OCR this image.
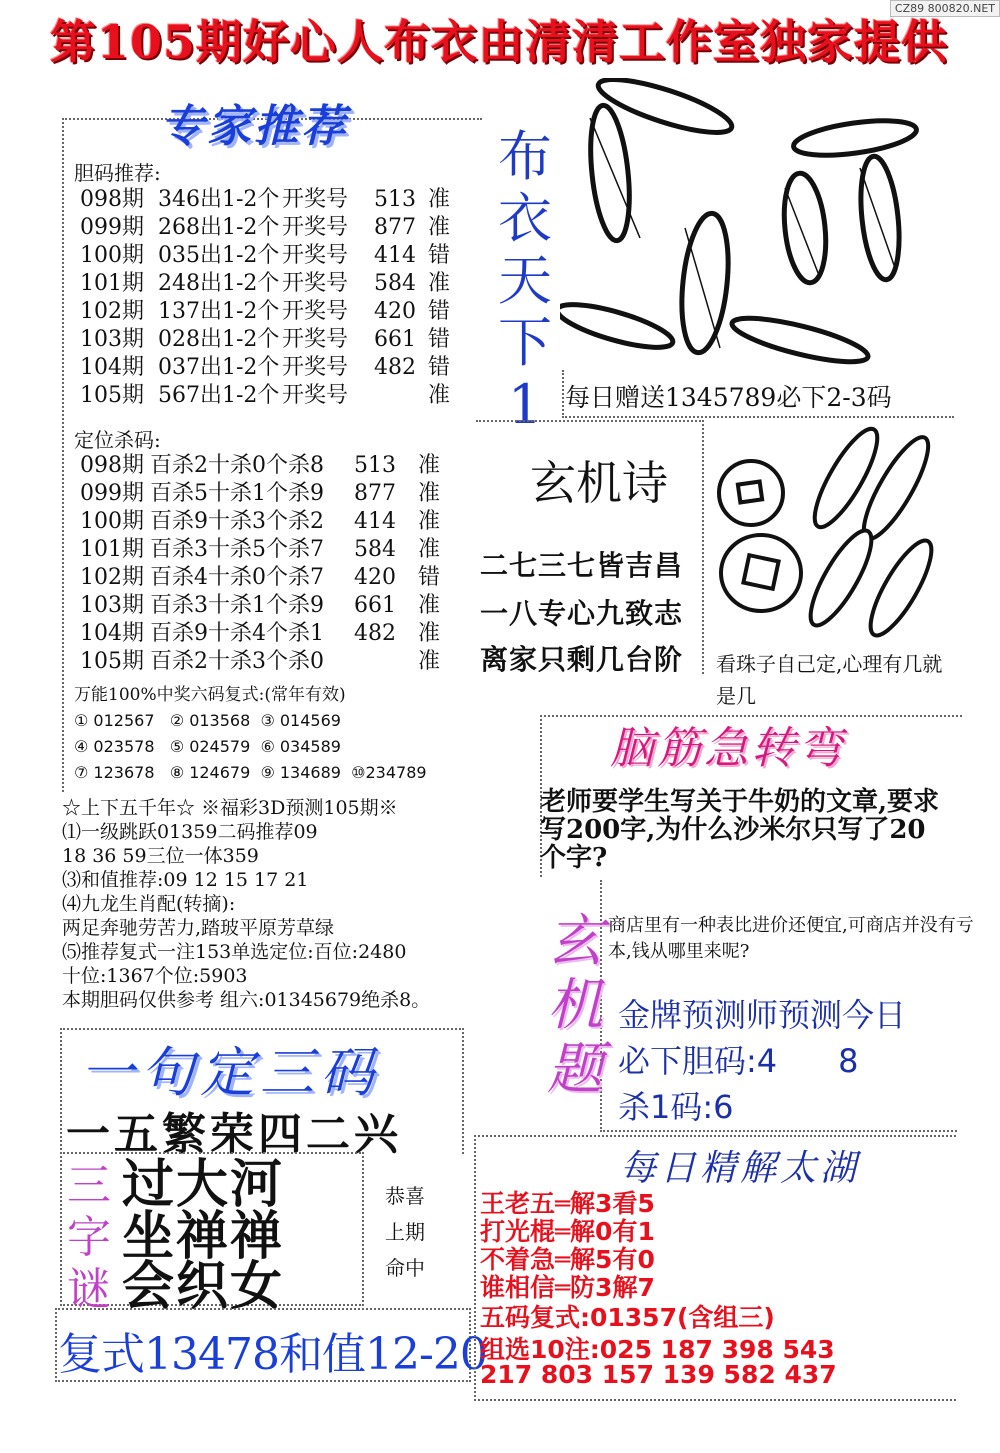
CZ89 800820.NET
第105期好心人布衣由清清工作室独家提供
专家推荐
胆码推荐:
098期 346出1-2个 开奖号 513 准
099期 268出1-2个 开奖号 877 准
100期 035出1-2个 开奖号 414 错
101期 248出1-2个 开奖号 584 准
102期 137出1-2个 开奖号 420 错
103期 028出1-2个 开奖号 661 错
104期 037出1-2个 开奖号 482 错
105期 567出1-2个 开奖号	准
定位杀码:
098期 百杀2十杀0个杀8 513 准
099期 百杀5十杀1个杀9 877 准
100期 百杀9十杀3个杀2 414 准
101期 百杀3十杀5个杀7 584 准
102期 百杀4十杀0个杀7 420 错
103期 百杀3十杀1个杀9 661 准
104期 百杀9十杀4个杀1 482 准
105期 百杀2十杀3个杀0	准
万能100%中奖六码复式:(常年有效)
① 012567   ② 013568  ③ 014569
④ 023578   ⑤ 024579  ⑥ 034589
⑦ 123678   ⑧ 124679  ⑨ 134689  ⑩234789
☆上下五千年☆ ※福彩3D预测105期※
⑴一级跳跃01359二码推荐09
18 36 59三位一体359
⑶和值推荐:09 12 15 17 21
⑷九龙生肖配(转摘):
两足奔驰劳苦力,踏玻平原芳草绿
⑸推荐复式一注153单选定位:百位:2480
十位:1367个位:5903
本期胆码仅供参考 组六:01345679绝杀8。
一句定三码
一五繁荣四二兴
三
字
谜
过大河
坐禅禅
会织女
恭喜
上期
命中
复式13478和值12-20
布
衣
天
下
1 每日赠送1345789必下2-3码
玄机诗
二七三七皆吉昌
一八专心九致志
离家只剩几台阶 看珠子自己定,心理有几就是几
脑筋急转弯
老师要学生写关于牛奶的文章,要求写200字,为什么沙米尔只写了20个字?
玄
机
题
商店里有一种表比进价还便宜,可商店并没有亏本,钱从哪里来呢?
金牌预测师预测今日
必下胆码:4      8
杀1码:6
每日精解太湖
王老五═解3看5
打光棍═解0有1
不着急═解5有0
谁相信═防3解7
五码复式:01357(含组三)
组选10注:025 187 398 543
217 803 157 139 582 437
